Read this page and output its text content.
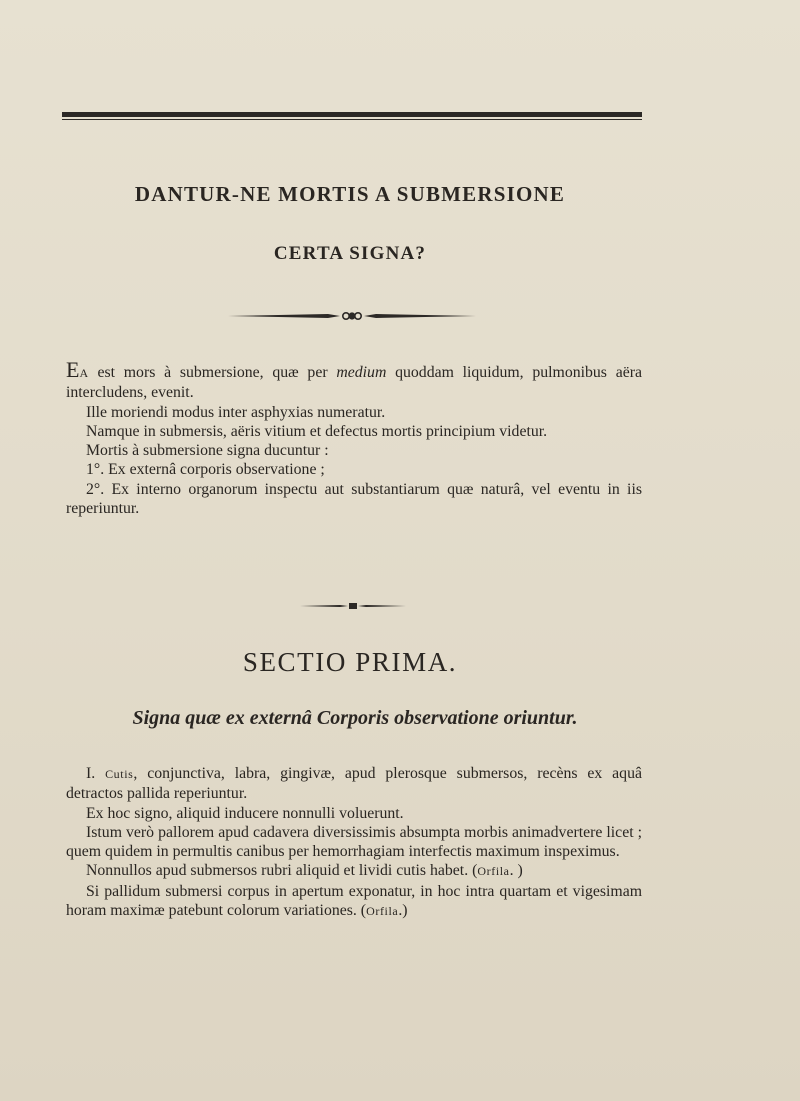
DANTUR-NE MORTIS A SUBMERSIONE
CERTA SIGNA?

EA est mors à submersione, quæ per medium quoddam liquidum, pulmonibus aëra intercludens, evenit.

Ille moriendi modus inter asphyxias numeratur.

Namque in submersis, aëris vitium et defectus mortis principium videtur.

Mortis à submersione signa ducuntur :

1°. Ex externâ corporis observatione ;

2°. Ex interno organorum inspectu aut substantiarum quæ naturâ, vel eventu in iis reperiuntur.

SECTIO PRIMA.
Signa quæ ex externâ Corporis observatione oriuntur.

I. Cutis, conjunctiva, labra, gingivæ, apud plerosque submersos, recèns ex aquâ detractos pallida reperiuntur.

Ex hoc signo, aliquid inducere nonnulli voluerunt.

Istum verò pallorem apud cadavera diversissimis absumpta morbis animadvertere licet ; quem quidem in permultis canibus per hemorrhagiam interfectis maximum inspeximus.

Nonnullos apud submersos rubri aliquid et lividi cutis habet. (Orfila. )

Si pallidum submersi corpus in apertum exponatur, in hoc intra quartam et vigesimam horam maximæ patebunt colorum variationes. (Orfila.)
